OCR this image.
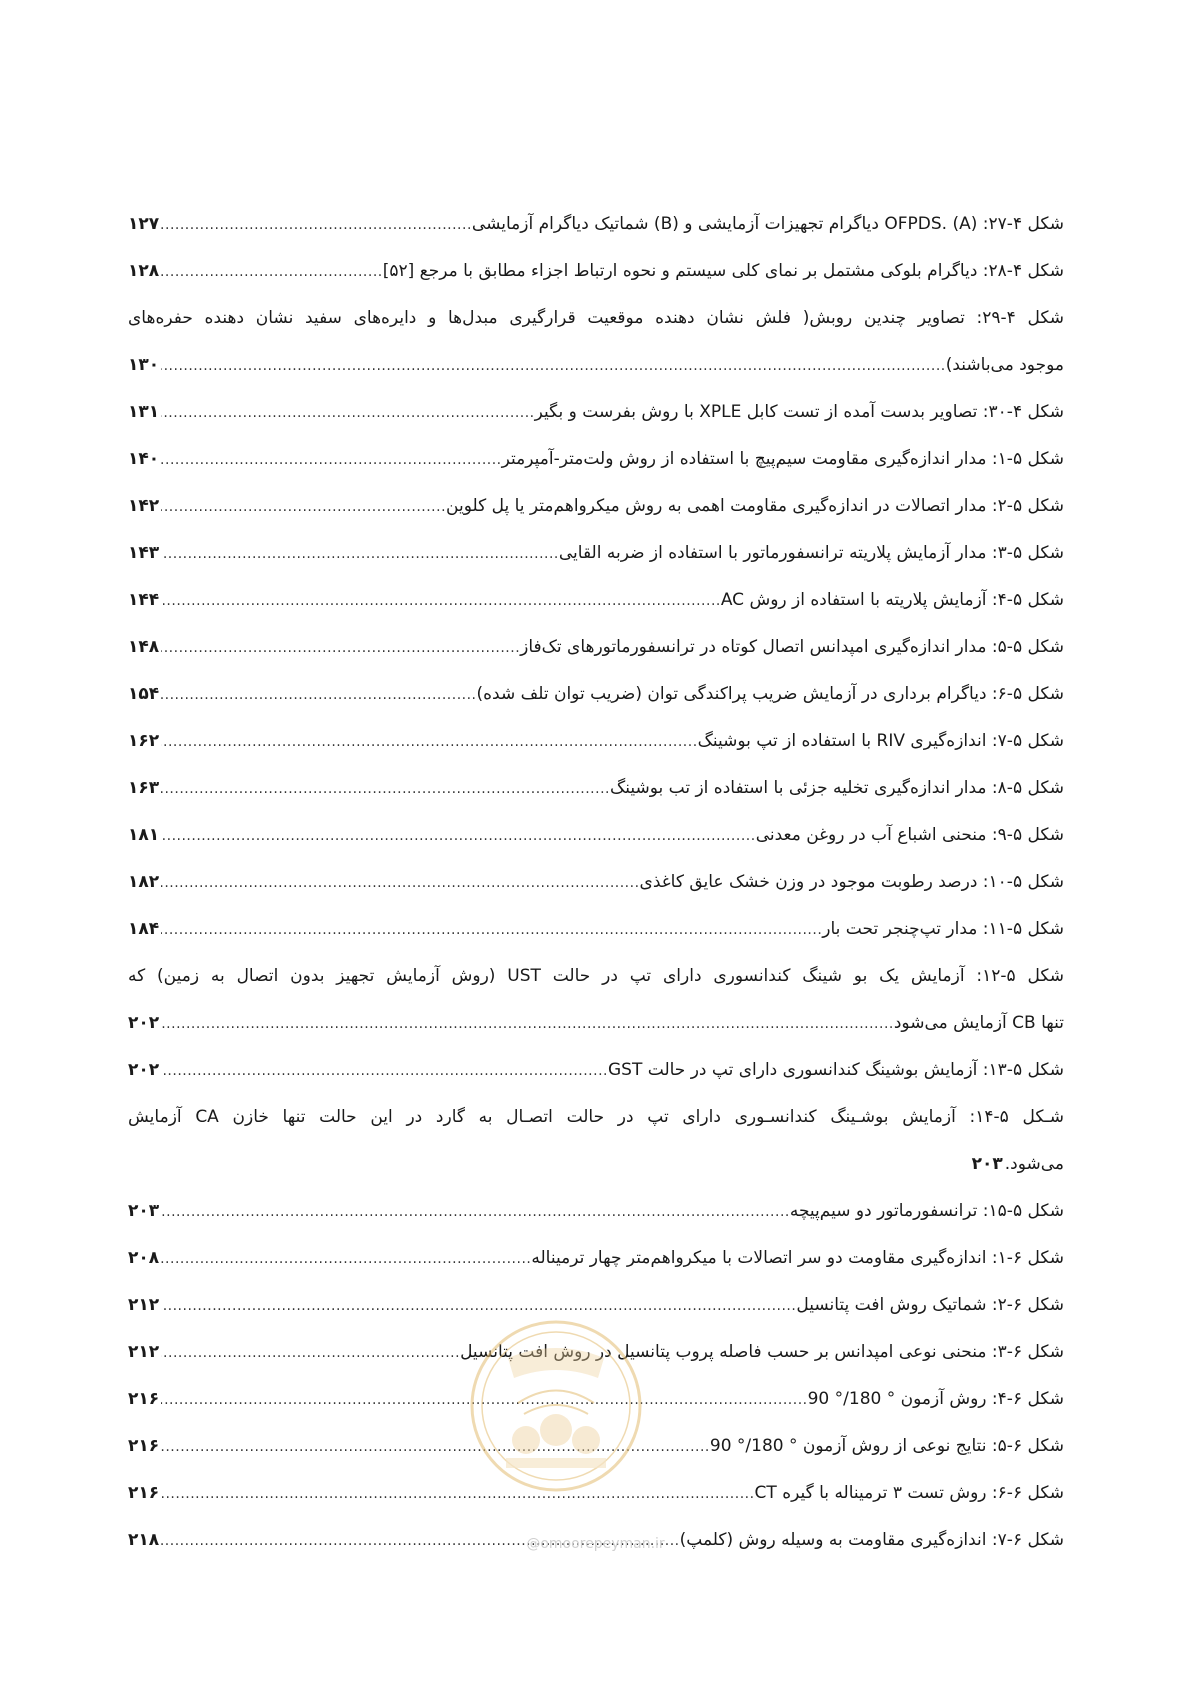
شکل ۴-۲۷: OFPDS. (A) دیاگرام تجهیزات آزمایشی و (B) شماتیک دیاگرام آزمایشی
.....
۱۲۷
شکل ۴-۲۸: دیاگرام بلوکی مشتمل بر نمای کلی سیستم و نحوه ارتباط اجزاء مطابق با مرجع [۵۲]
.....
۱۲۸
شکل ۴-۲۹: تصاویر چندین روبش( فلش نشان دهنده موقعیت قرارگیری مبدل‌ها و دایره‌های سفید نشان دهنده حفره‌های
موجود می‌باشند)
.....
۱۳۰
شکل ۴-۳۰: تصاویر بدست آمده از تست کابل XPLE با روش بفرست و بگیر
.....
۱۳۱
شکل ۵-۱: مدار اندازه‌گیری مقاومت سیم‌پیچ با استفاده از روش ولت‌متر-آمپرمتر
.....
۱۴۰
شکل ۵-۲: مدار اتصالات در اندازه‌گیری مقاومت اهمی به روش میکرواهم‌متر یا پل کلوین
.....
۱۴۲
شکل ۵-۳: مدار آزمایش پلاریته ترانسفورماتور با استفاده از ضربه القایی
.....
۱۴۳
شکل ۵-۴: آزمایش پلاریته با استفاده از روش AC
.....
۱۴۴
شکل ۵-۵: مدار اندازه‌گیری امپدانس اتصال کوتاه در ترانسفورماتورهای تک‌فاز
.....
۱۴۸
شکل ۵-۶: دیاگرام برداری در آزمایش ضریب پراکندگی توان (ضریب توان تلف شده)
.....
۱۵۴
شکل ۵-۷: اندازه‌گیری RIV با استفاده از تپ بوشینگ
.....
۱۶۲
شکل ۵-۸: مدار اندازه‌گیری تخلیه جزئی با استفاده از تب بوشینگ
.....
۱۶۳
شکل ۵-۹: منحنی اشباع آب در روغن معدنی
.....
۱۸۱
شکل ۵-۱۰: درصد رطوبت موجود در وزن خشک عایق کاغذی
.....
۱۸۲
شکل ۵-۱۱: مدار تپ‌چنجر تحت بار
.....
۱۸۴
شکل ۵-۱۲: آزمایش یک بو شینگ کندانسوری دارای تپ در حالت UST (روش آزمایش تجهیز بدون اتصال به زمین) که
تنها CB آزمایش می‌شود
.....
۲۰۲
شکل ۵-۱۳: آزمایش بوشینگ کندانسوری دارای تپ در حالت GST
.....
۲۰۲
شـکل ۵-۱۴: آزمایش بوشـینگ کندانسـوری دارای تپ در حالت اتصـال به گارد در این حالت تنها خازن CA آزمایش
می‌شود.
۲۰۳
شکل ۵-۱۵: ترانسفورماتور دو سیم‌پیچه
.....
۲۰۳
شکل ۶-۱: اندازه‌گیری مقاومت دو سر اتصالات با میکرواهم‌متر چهار ترمیناله
.....
۲۰۸
شکل ۶-۲: شماتیک روش افت پتانسیل
.....
۲۱۲
شکل ۶-۳: منحنی نوعی امپدانس بر حسب فاصله پروب پتانسیل در روش افت پتانسیل
.....
۲۱۲
شکل ۶-۴: روش آزمون ° 180/° 90
.....
۲۱۶
شکل ۶-۵: نتایج نوعی از روش آزمون ° 180/° 90
.....
۲۱۶
شکل ۶-۶: روش تست ۳ ترمیناله با گیره CT
.....
۲۱۶
شکل ۶-۷: اندازه‌گیری مقاومت به وسیله روش (کلمپ)
.....
۲۱۸	@omoorepeyman.ir
